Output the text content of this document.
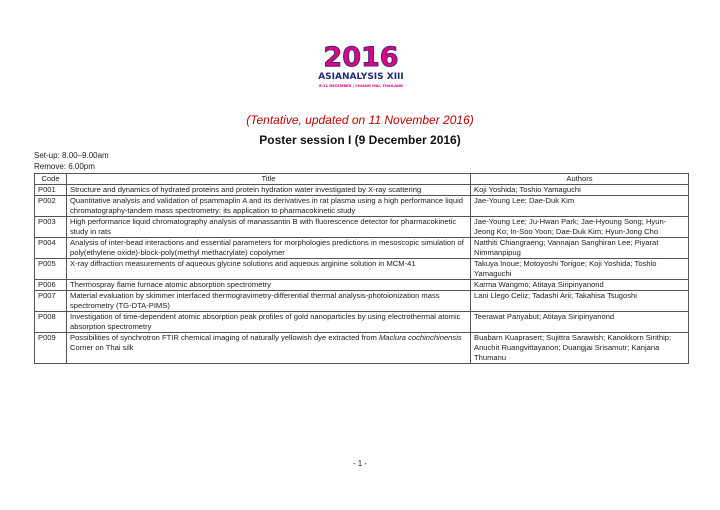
2016
ASIANALYSIS XIII
8-11 DECEMBER | CHIANG MAI, THAILAND
(Tentative, updated on 11 November 2016)
Poster session I (9 December 2016)
Set-up: 8.00–9.00am
Remove: 6.00pm
Code	Title	Authors
P001	Structure and dynamics of hydrated proteins and protein hydration water investigated by X-ray scattering	Koji Yoshida; Toshio Yamaguchi
P002	Quantitative analysis and validation of psammaplin A and its derivatives in rat plasma using a high performance liquid chromatography-tandem mass spectrometry: its application to pharmacokinetic study	Jae-Young Lee; Dae-Duk Kim
P003	High performance liquid chromatography analysis of manassantin B with fluorescence detector for pharmacokinetic study in rats	Jae-Young Lee; Ju-Hwan Park; Jae-Hyoung Song; Hyun-Jeong Ko; In-Soo Yoon; Dae-Duk Kim; Hyun-Jong Cho
P004	Analysis of inter-bead interactions and essential parameters for morphologies predictions in mesoscopic simulation of poly(ethylene oxide)-block-poly(methyl methacrylate) copolymer	Natthiti Chiangraeng; Vannajan Sanghiran Lee; Piyarat Nimmanpipug
P005	X-ray diffraction measurements of aqueous glycine solutions and aqueous arginine solution in MCM-41	Takuya Inoue; Motoyoshi Torigoe; Koji Yoshida; Toshio Yamaguchi
P006	Thermospray flame furnace atomic absorption spectrometry	Karma Wangmo; Atitaya Siripinyanond
P007	Material evaluation by skimmer interfaced thermogravimetry-differential thermal analysis-photoionization mass spectrometry (TG-DTA-PIMS)	Lani Llego Celiz; Tadashi Arii; Takahisa Tsugoshi
P008	Investigation of time-dependent atomic absorption peak profiles of gold nanoparticles by using electrothermal atomic absorption spectrometry	Teerawat Panyabut; Atitaya Siripinyanond
P009	Possibilities of synchrotron FTIR chemical imaging of naturally yellowish dye extracted from Maclura cochinchinensis Corner on Thai silk	Buabarn Kuaprasert; Sujittra Sarawish; Kanokkorn Sirithip; Anuchit Ruangvittayanon; Duangjai Srisamutr; Kanjana Thumanu
- 1 -
